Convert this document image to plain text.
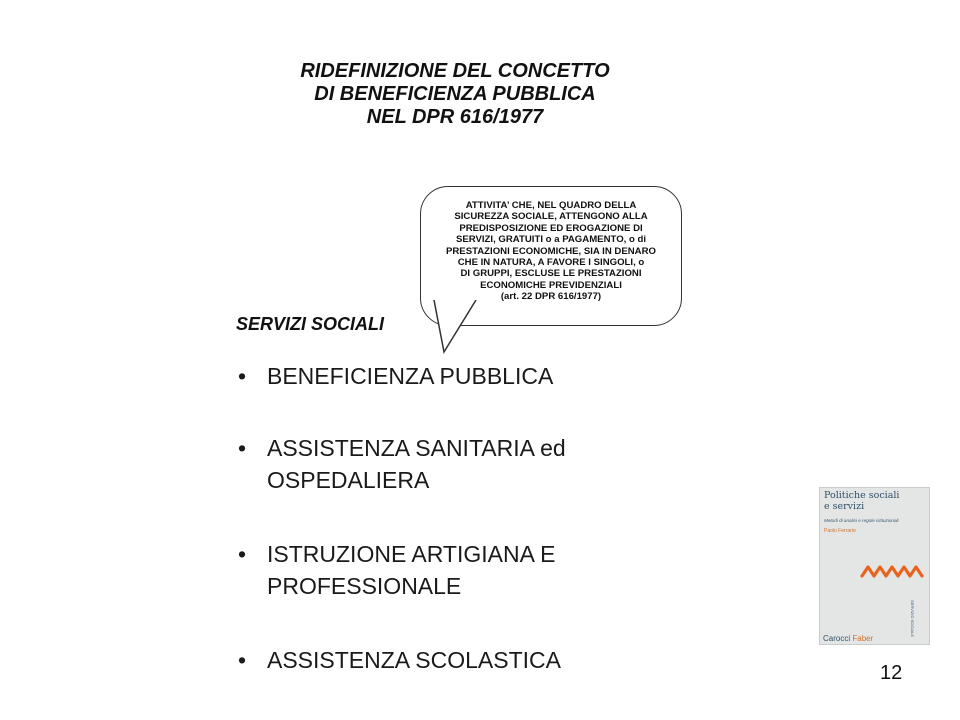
RIDEFINIZIONE DEL CONCETTO
DI BENEFICIENZA PUBBLICA
NEL DPR 616/1977
ATTIVITA’ CHE, NEL QUADRO DELLA
SICUREZZA SOCIALE, ATTENGONO ALLA
PREDISPOSIZIONE ED EROGAZIONE DI
SERVIZI, GRATUITI o a PAGAMENTO, o di
PRESTAZIONI ECONOMICHE, SIA IN DENARO
CHE IN NATURA, A FAVORE I SINGOLI, o
DI GRUPPI, ESCLUSE LE PRESTAZIONI
ECONOMICHE PREVIDENZIALI
(art. 22 DPR 616/1977)
SERVIZI SOCIALI
• BENEFICIENZA PUBBLICA
• ASSISTENZA SANITARIA ed
OSPEDALIERA
• ISTRUZIONE ARTIGIANA E
PROFESSIONALE
• ASSISTENZA SCOLASTICA
Politiche sociali
e servizi
Metodi di analisi e regole istituzionali
Paolo Ferrario
SERVIZIO SOCIALE
Carocci Faber
12
